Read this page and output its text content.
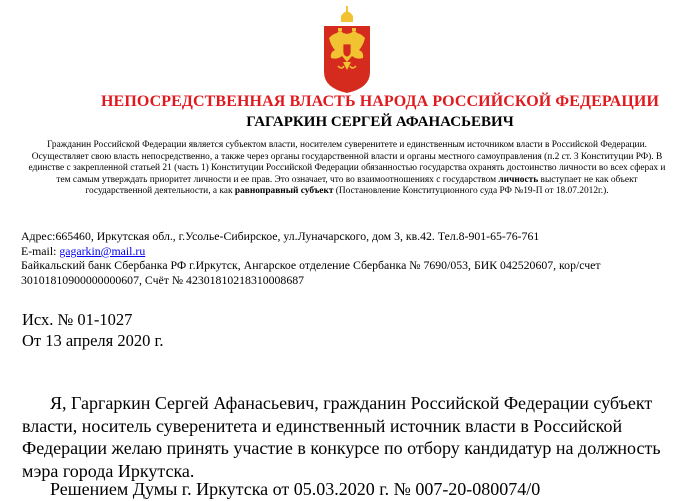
НЕПОСРЕДСТВЕННАЯ ВЛАСТЬ НАРОДА РОССИЙСКОЙ ФЕДЕРАЦИИ
ГАГАРКИН СЕРГЕЙ АФАНАСЬЕВИЧ
Гражданин Российской Федерации является субъектом власти, носителем суверенитете и единственным источником власти в Российской Федерации. Осуществляет свою власть непосредственно, а также через органы государственной власти и органы местного самоуправления (п.2 ст. 3 Конституции РФ). В единстве с закрепленной статьей 21 (часть 1) Конституции Российской Федерации обязанностью государства охранять достоинство личности во всех сферах и тем самым утверждать приоритет личности и ее прав. Это означает, что во взаимоотношениях с государством личность выступает не как объект государственной деятельности, а как равноправный субъект (Постановление Конституционного суда РФ №19-П от 18.07.2012г.).
Адрес:665460, Иркутская обл., г.Усолье-Сибирское, ул.Луначарского, дом 3, кв.42. Тел.8-901-65-76-761
E-mail: gagarkin@mail.ru
Байкальский банк Сбербанка РФ г.Иркутск, Ангарское отделение Сбербанка № 7690/053, БИК 042520607, кор/счет
30101810900000000607, Счёт № 42301810218310008687
Исх. № 01-1027
От 13 апреля 2020 г.
Я, Гаргаркин Сергей Афанасьевич, гражданин Российской Федерации субъект власти, носитель суверенитета и единственный источник власти в Российской Федерации желаю принять участие в конкурсе по отбору кандидатур на должность мэра города Иркутска.
Решением Думы г. Иркутска от 05.03.2020 г. № 007-20-080074/0
